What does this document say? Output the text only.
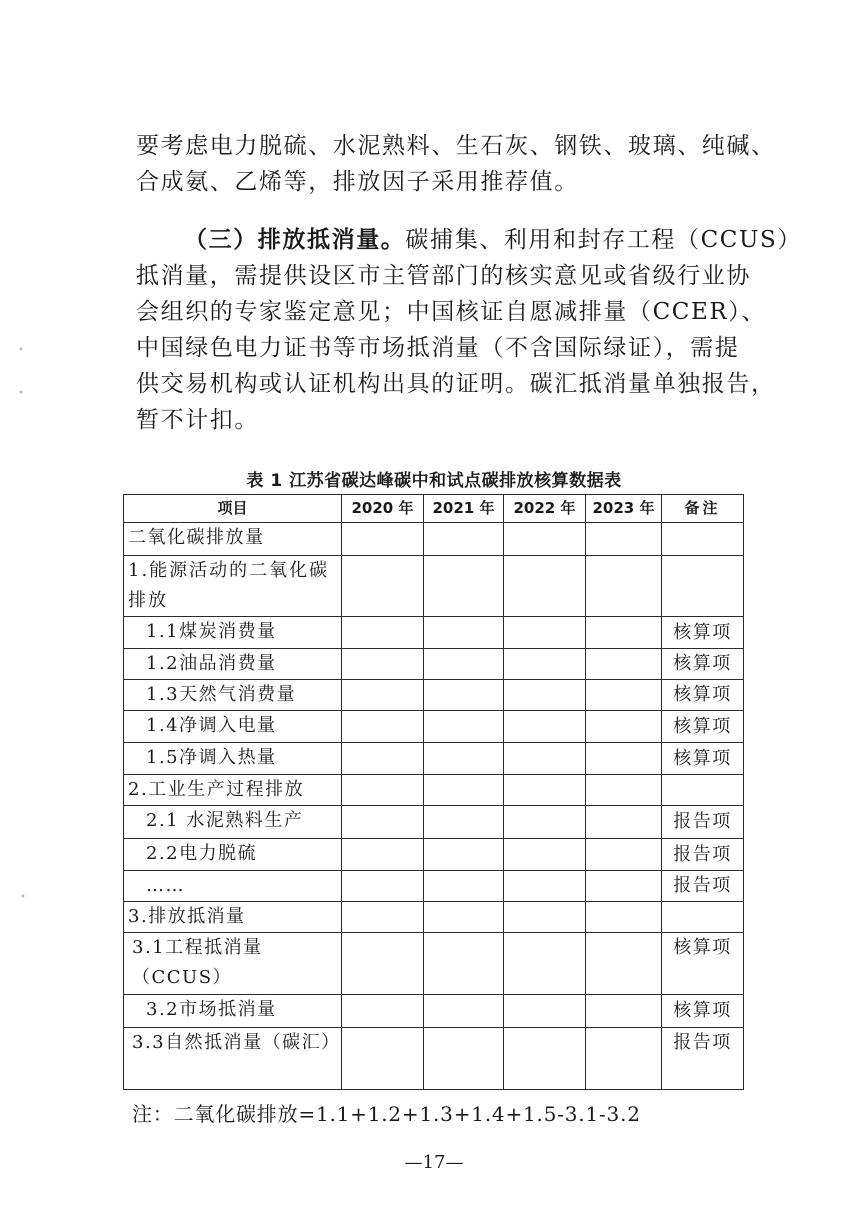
要考虑电力脱硫、水泥熟料、生石灰、钢铁、玻璃、纯碱、
合成氨、乙烯等，排放因子采用推荐值。
（三）排放抵消量。碳捕集、利用和封存工程（CCUS）
抵消量，需提供设区市主管部门的核实意见或省级行业协
会组织的专家鉴定意见；中国核证自愿减排量（CCER）、
中国绿色电力证书等市场抵消量（不含国际绿证），需提
供交易机构或认证机构出具的证明。碳汇抵消量单独报告，
暂不计扣。
表 1 江苏省碳达峰碳中和试点碳排放核算数据表
项目	2020 年	2021 年	2022 年	2023 年	备注
二氧化碳排放量					
1.能源活动的二氧化碳排放					
1.1煤炭消费量					核算项
1.2油品消费量					核算项
1.3天然气消费量					核算项
1.4净调入电量					核算项
1.5净调入热量					核算项
2.工业生产过程排放					
2.1 水泥熟料生产					报告项
2.2电力脱硫					报告项
……					报告项
3.排放抵消量					
3.1工程抵消量（CCUS）					核算项
3.2市场抵消量					核算项
3.3自然抵消量（碳汇）					报告项
注：二氧化碳排放=1.1+1.2+1.3+1.4+1.5-3.1-3.2
—17—
•
•
•
